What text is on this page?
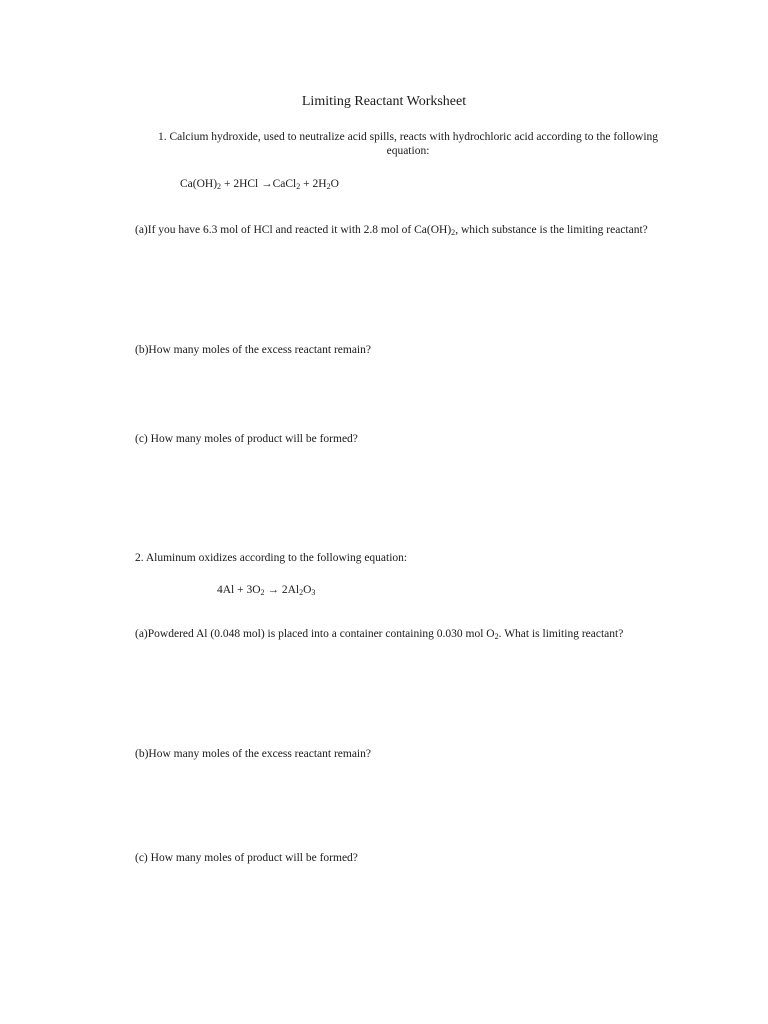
Limiting Reactant Worksheet
1. Calcium hydroxide, used to neutralize acid spills, reacts with hydrochloric acid according to the following equation:
$Ca(OH)_2 + 2HCl$ →CaCl$_2$ + $2H_2O$
(a)If you have 6.3 mol of HCl and reacted it with 2.8 mol of $Ca(OH)_2$, which substance is the limiting reactant?
(b)How many moles of the excess reactant remain?
(c) How many moles of product will be formed?
2. Aluminum oxidizes according to the following equation:
$4Al + 3O_2 \to 2Al_2O_3$
(a)Powdered Al (0.048 mol) is placed into a container containing 0.030 mol $O_2$. What is limiting reactant?
(b)How many moles of the excess reactant remain?
(c) How many moles of product will be formed?
